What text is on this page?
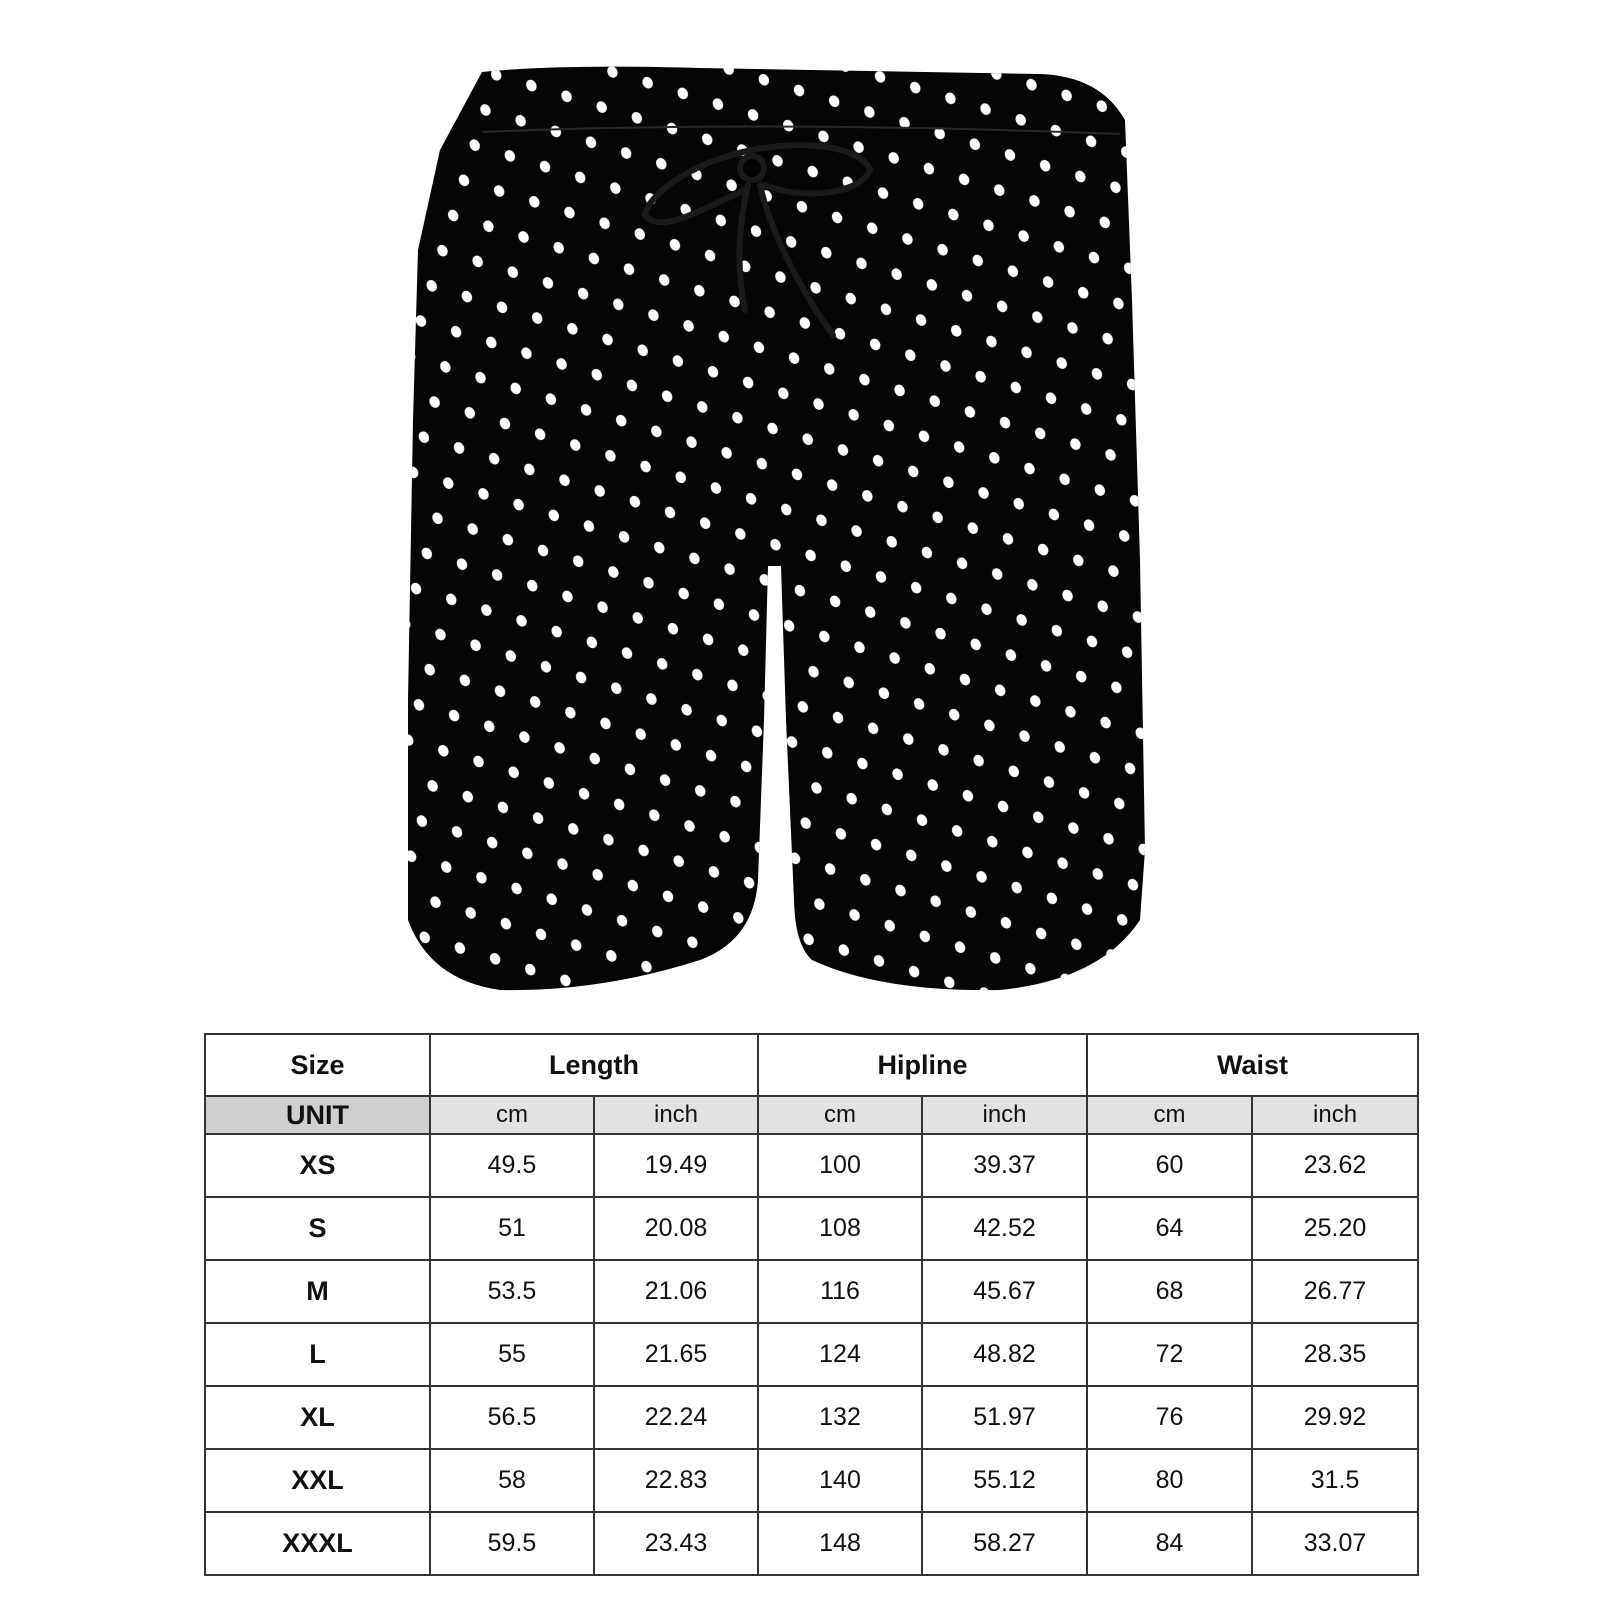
Size	Length		Hipline		Waist	
UNIT	cm	inch	cm	inch	cm	inch
XS	49.5	19.49	100	39.37	60	23.62
S	51	20.08	108	42.52	64	25.20
M	53.5	21.06	116	45.67	68	26.77
L	55	21.65	124	48.82	72	28.35
XL	56.5	22.24	132	51.97	76	29.92
XXL	58	22.83	140	55.12	80	31.5
XXXL	59.5	23.43	148	58.27	84	33.07
